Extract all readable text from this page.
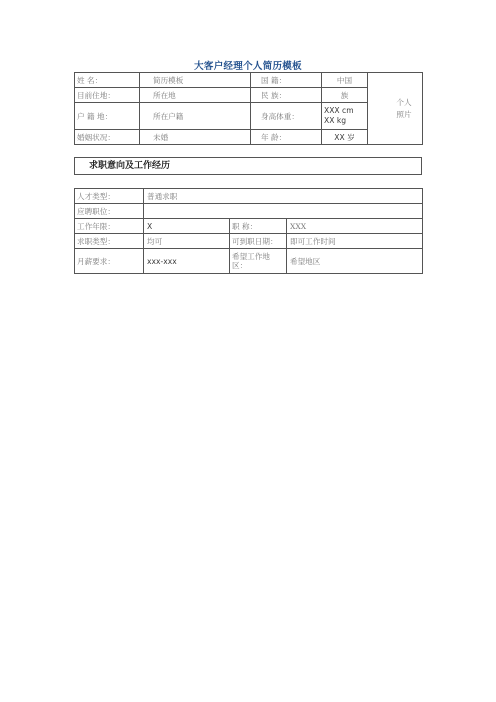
大客户经理个人简历模板
姓 名：	简历模板	国 籍：	中国	个人照片
目前住地：	所在地	民 族：	族	
户 籍 地：	所在户籍	身高体重：	XXX cm
XX kg	

婚姻状况：	未婚	年 龄：	XX 岁	
求职意向及工作经历
人才类型：	普通求职		
应聘职位：			
工作年限：	X	职 称：	XXX
求职类型：	均可	可到职日期：	即可工作时间
月薪要求：	xxx-xxx	希望工作地区：	希望地区
